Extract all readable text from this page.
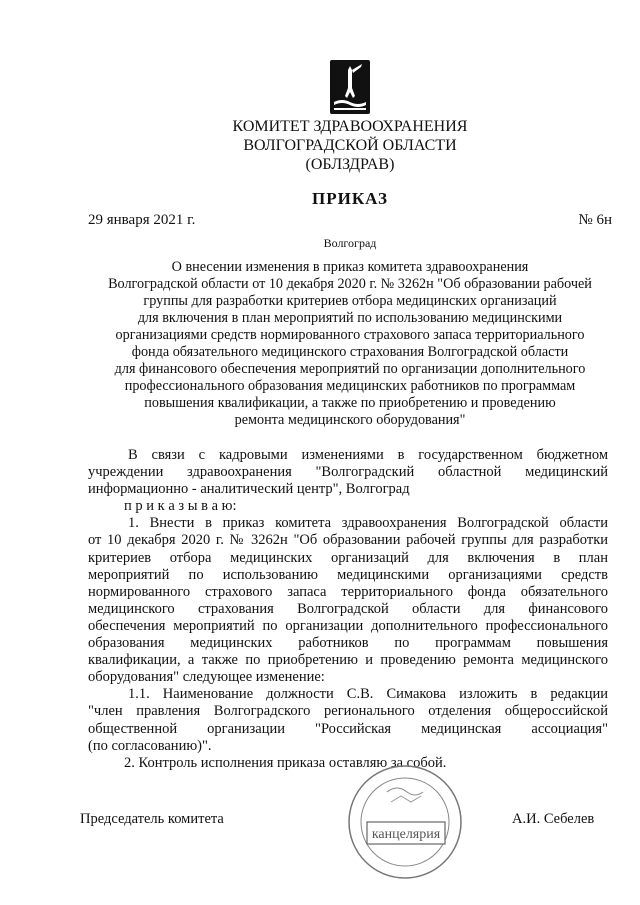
КОМИТЕТ ЗДРАВООХРАНЕНИЯ
ВОЛГОГРАДСКОЙ ОБЛАСТИ
(ОБЛЗДРАВ)
ПРИКАЗ
29 января 2021 г.	№ 6н
Волгоград
О внесении изменения в приказ комитета здравоохранения
Волгоградской области от 10 декабря 2020 г. № 3262н "Об образовании рабочей
группы для разработки критериев отбора медицинских организаций
для включения в план мероприятий по использованию медицинскими
организациями средств нормированного страхового запаса территориального
фонда обязательного медицинского страхования Волгоградской области
для финансового обеспечения мероприятий по организации дополнительного
профессионального образования медицинских работников по программам
повышения квалификации, а также по приобретению и проведению
ремонта медицинского оборудования"
В связи с кадровыми изменениями в государственном бюджетном
учреждении здравоохранения "Волгоградский областной медицинский
информационно - аналитический центр", Волгоград
п р и к а з ы в а ю:
1. Внести в приказ комитета здравоохранения Волгоградской области
от 10 декабря 2020 г. № 3262н "Об образовании рабочей группы для разработки
критериев отбора медицинских организаций для включения в план
мероприятий по использованию медицинскими организациями средств
нормированного страхового запаса территориального фонда обязательного
медицинского страхования Волгоградской области для финансового
обеспечения мероприятий по организации дополнительного профессионального
образования медицинских работников по программам повышения
квалификации, а также по приобретению и проведению ремонта медицинского
оборудования" следующее изменение:
1.1. Наименование должности С.В. Симакова изложить в редакции
"член правления Волгоградского регионального отделения общероссийской
общественной организации "Российская медицинская ассоциация"
(по согласованию)".
2. Контроль исполнения приказа оставляю за собой.
Председатель комитета	А.И. Себелев
канцелярия
